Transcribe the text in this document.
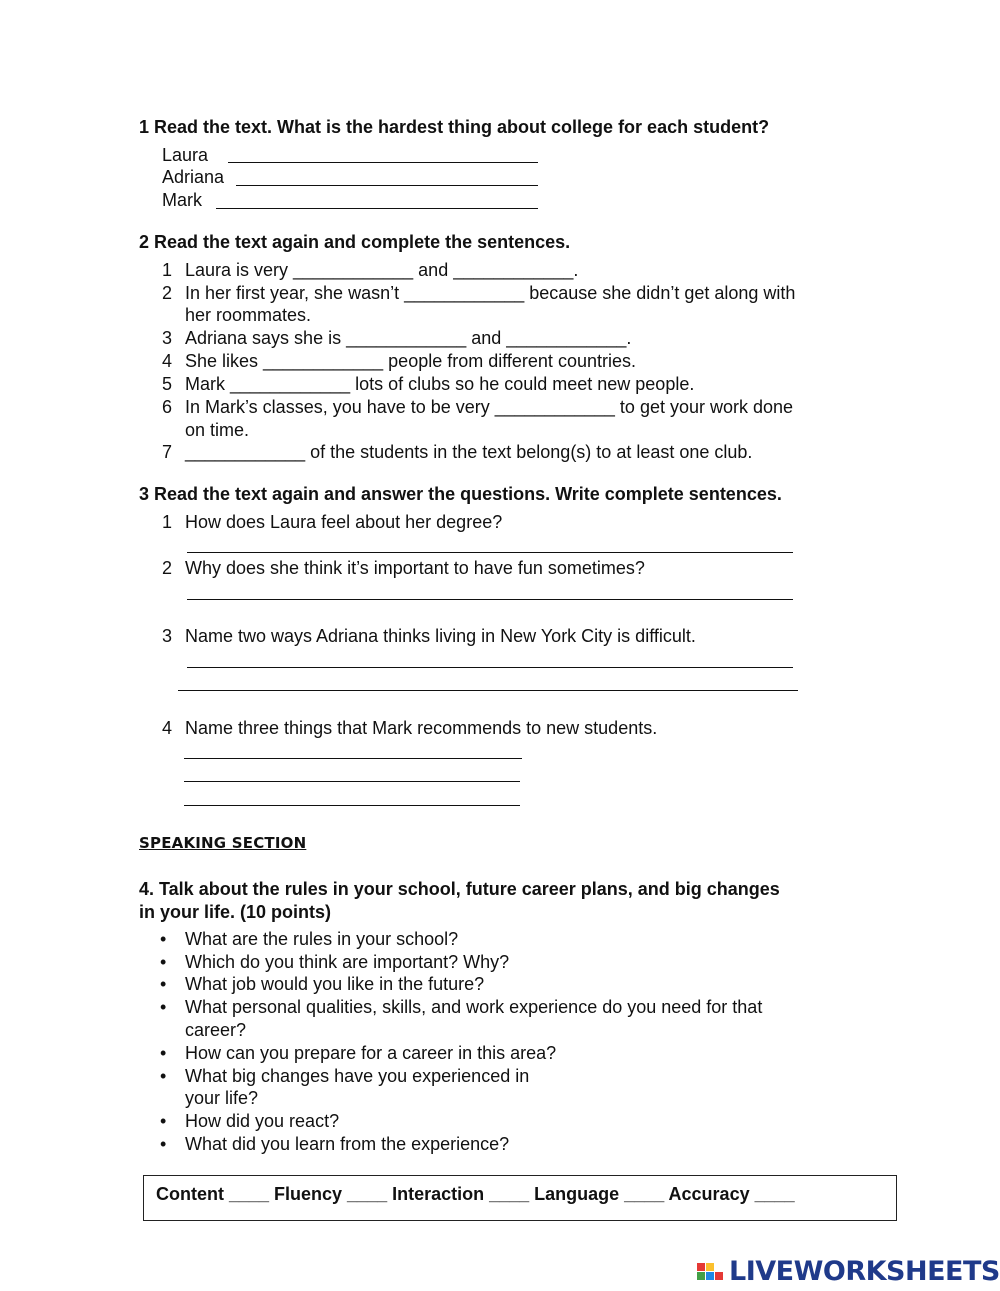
1 Read the text. What is the hardest thing about college for each student?
Laura
Adriana
Mark
2 Read the text again and complete the sentences.
1 Laura is very ____________ and ____________.
2 In her first year, she wasn’t ____________ because she didn’t get along with
her roommates.
3 Adriana says she is ____________ and ____________.
4 She likes ____________ people from different countries.
5 Mark ____________ lots of clubs so he could meet new people.
6 In Mark’s classes, you have to be very ____________ to get your work done
on time.
7 ____________ of the students in the text belong(s) to at least one club.
3 Read the text again and answer the questions. Write complete sentences.
1 How does Laura feel about her degree?
2 Why does she think it’s important to have fun sometimes?
3 Name two ways Adriana thinks living in New York City is difficult.
4 Name three things that Mark recommends to new students.
SPEAKING SECTION
4. Talk about the rules in your school, future career plans, and big changes
in your life. (10 points)
•	What are the rules in your school?
•	Which do you think are important? Why?
•	What job would you like in the future?
•	What personal qualities, skills, and work experience do you need for that
career?
•	How can you prepare for a career in this area?
•	What big changes have you experienced in
your life?
•	How did you react?
•	What did you learn from the experience?
Content ____ Fluency ____ Interaction ____ Language ____ Accuracy ____
LIVEWORKSHEETS
